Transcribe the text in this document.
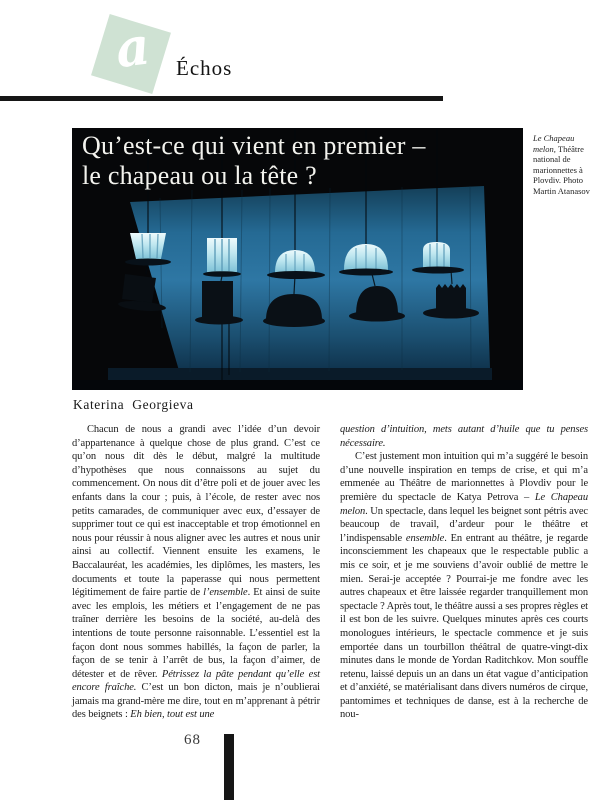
a	Échos
Qu’est-ce qui vient en premier –
le chapeau ou la tête ?
Le Chapeau melon, Théâtre national de marionnettes à Plovdiv. Photo Martin Atanasov
Katerina Georgieva

Chacun de nous a grandi avec l’idée d’un devoir d’appartenance à quelque chose de plus grand. C’est ce qu’on nous dit dès le début, malgré la multitude d’hypothèses que nous connaissons au sujet du commencement. On nous dit d’être poli et de jouer avec les enfants dans la cour ; puis, à l’école, de rester avec nos petits camarades, de communiquer avec eux, d’essayer de supprimer tout ce qui est inacceptable et trop émotionnel en nous pour réussir à nous aligner avec les autres et nous unir ainsi au collectif. Viennent ensuite les examens, le Baccalauréat, les académies, les diplômes, les masters, les documents et toute la paperasse qui nous permettent légitimement de faire partie de l’ensemble. Et ainsi de suite avec les emplois, les métiers et l’engagement de ne pas traîner derrière les besoins de la société, au-delà des intentions de toute personne raisonnable. L’essentiel est la façon dont nous sommes habillés, la façon de parler, la façon de se tenir à l’arrêt de bus, la façon d’aimer, de détester et de rêver. Pétrissez la pâte pendant qu’elle est encore fraîche. C’est un bon dicton, mais je n’oublierai jamais ma grand-mère me dire, tout en m’apprenant à pétrir des beignets : Eh bien, tout est une

question d’intuition, mets autant d’huile que tu penses nécessaire.

C’est justement mon intuition qui m’a suggéré le besoin d’une nouvelle inspiration en temps de crise, et qui m’a emmenée au Théâtre de marionnettes à Plovdiv pour le première du spectacle de Katya Petrova – Le Chapeau melon. Un spectacle, dans lequel les beignet sont pétris avec beaucoup de travail, d’ardeur pour le théâtre et l’indispensable ensemble. En entrant au théâtre, je regarde inconsciemment les chapeaux que le respectable public a mis ce soir, et je me souviens d’avoir oublié de mettre le mien. Serai-je acceptée ? Pourrai-je me fondre avec les autres chapeaux et être laissée regarder tranquillement mon spectacle ? Après tout, le théâtre aussi a ses propres règles et il est bon de les suivre. Quelques minutes après ces courts monologues intérieurs, le spectacle commence et je suis emportée dans un tourbillon théâtral de quatre-vingt-dix minutes dans le monde de Yordan Raditchkov. Mon souffle retenu, laissé depuis un an dans un état vague d’anticipation et d’anxiété, se matérialisant dans divers numéros de cirque, pantomimes et techniques de danse, est à la recherche de nou-

68
